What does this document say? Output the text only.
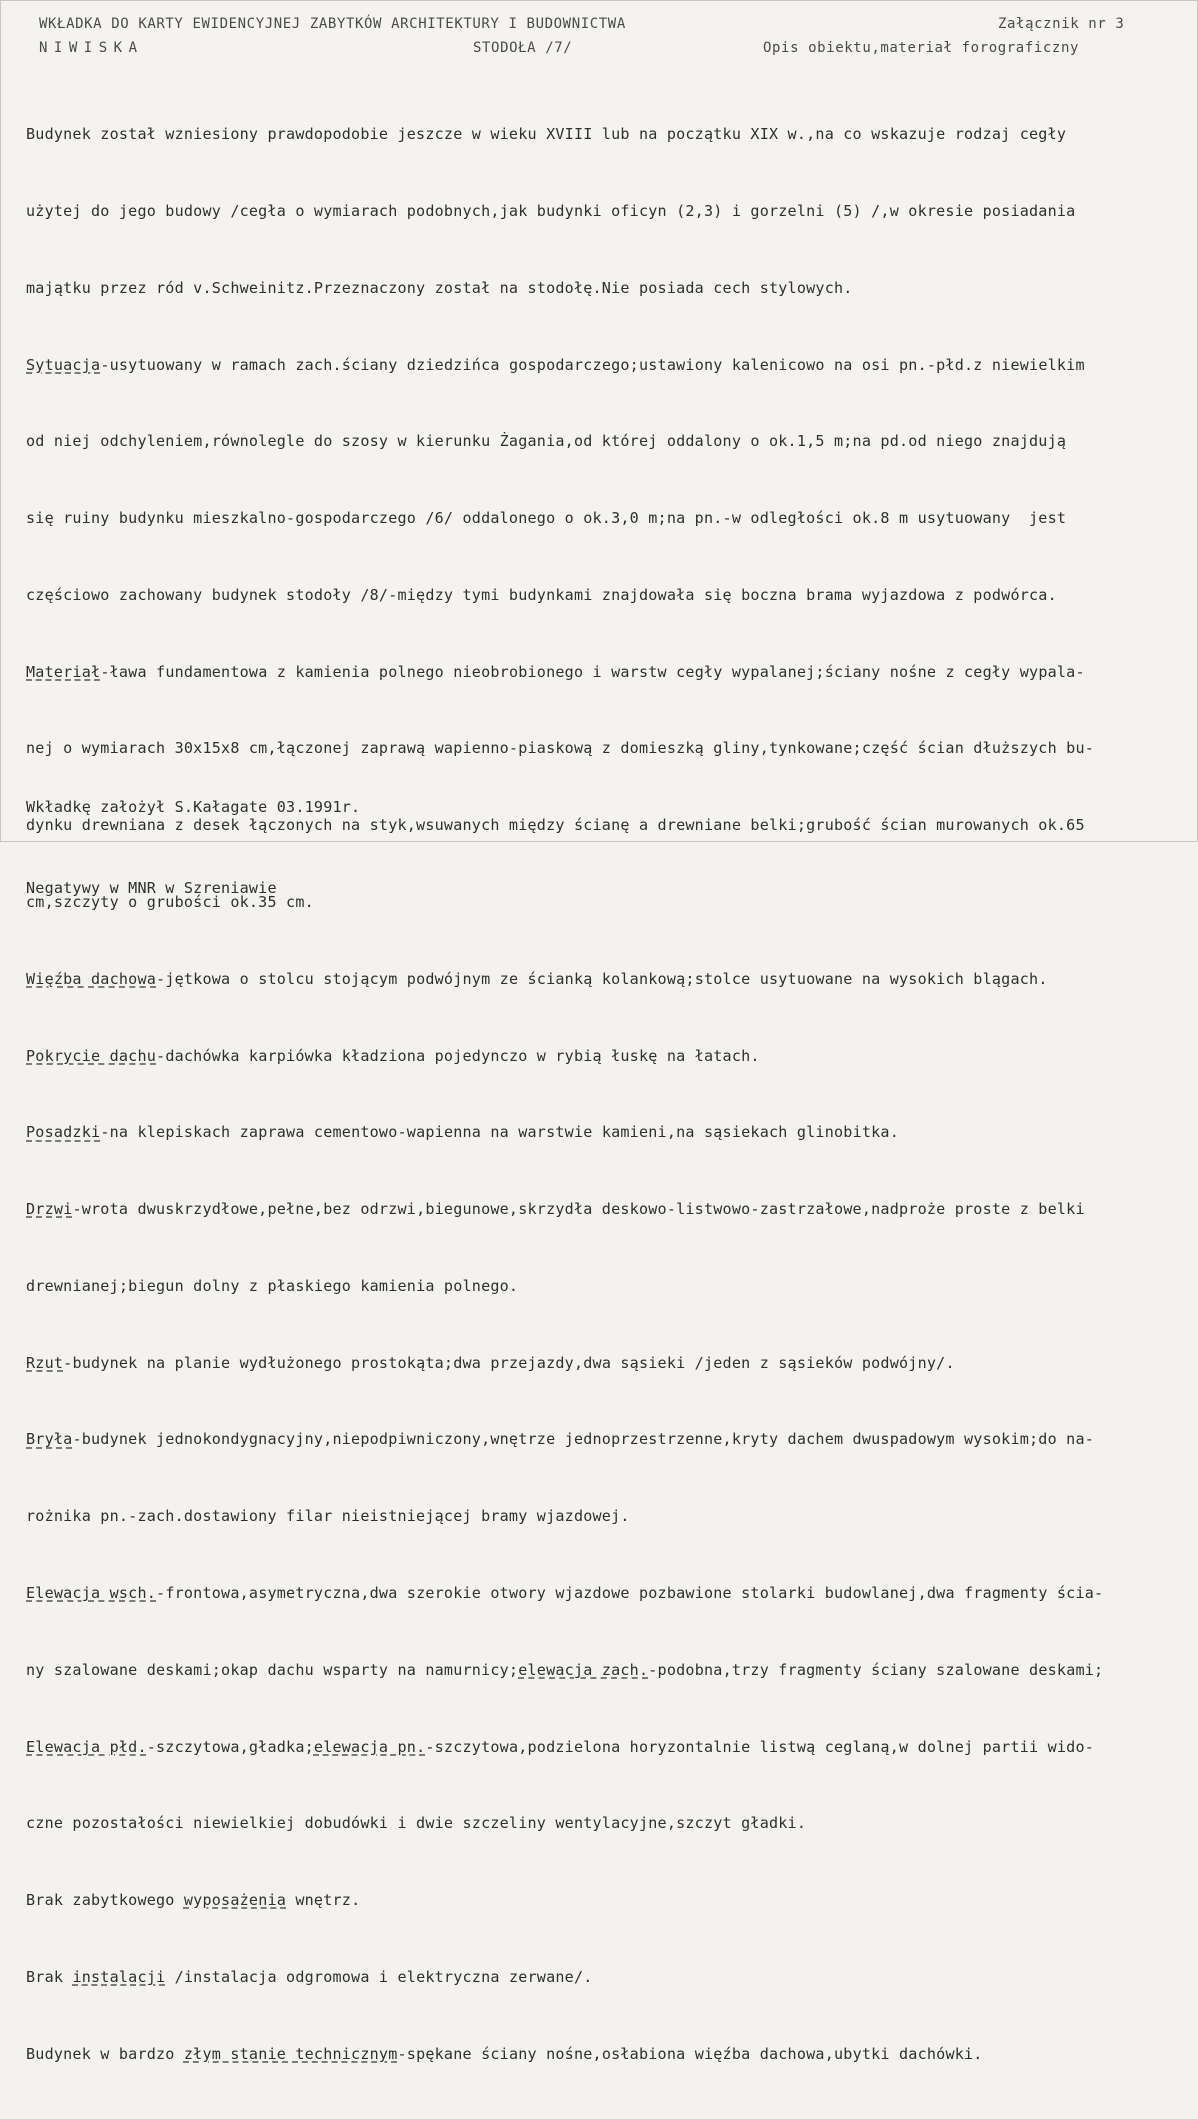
WKŁADKA DO KARTY EWIDENCYJNEJ ZABYTKÓW ARCHITEKTURY I BUDOWNICTWA	Załącznik nr 3
NIWISKA	STODOŁA /7/	Opis obiektu,materiał forograficzny

Budynek został wzniesiony prawdopodobie jeszcze w wieku XVIII lub na początku XIX w.,na co wskazuje rodzaj cegły

użytej do jego budowy /cegła o wymiarach podobnych,jak budynki oficyn (2,3) i gorzelni (5) /,w okresie posiadania

majątku przez ród v.Schweinitz.Przeznaczony został na stodołę.Nie posiada cech stylowych.

Sytuacja-usytuowany w ramach zach.ściany dziedzińca gospodarczego;ustawiony kalenicowo na osi pn.-płd.z niewielkim

od niej odchyleniem,równolegle do szosy w kierunku Żagania,od której oddalony o ok.1,5 m;na pd.od niego znajdują

się ruiny budynku mieszkalno-gospodarczego /6/ oddalonego o ok.3,0 m;na pn.-w odległości ok.8 m usytuowany  jest

częściowo zachowany budynek stodoły /8/-między tymi budynkami znajdowała się boczna brama wyjazdowa z podwórca.

Materiał-ława fundamentowa z kamienia polnego nieobrobionego i warstw cegły wypalanej;ściany nośne z cegły wypala-

nej o wymiarach 30x15x8 cm,łączonej zaprawą wapienno-piaskową z domieszką gliny,tynkowane;część ścian dłuższych bu-

dynku drewniana z desek łączonych na styk,wsuwanych między ścianę a drewniane belki;grubość ścian murowanych ok.65

cm,szczyty o grubości ok.35 cm.

Więźba dachowa-jętkowa o stolcu stojącym podwójnym ze ścianką kolankową;stolce usytuowane na wysokich blągach.

Pokrycie dachu-dachówka karpiówka kładziona pojedynczo w rybią łuskę na łatach.

Posadzki-na klepiskach zaprawa cementowo-wapienna na warstwie kamieni,na sąsiekach glinobitka.

Drzwi-wrota dwuskrzydłowe,pełne,bez odrzwi,biegunowe,skrzydła deskowo-listwowo-zastrzałowe,nadproże proste z belki

drewnianej;biegun dolny z płaskiego kamienia polnego.

Rzut-budynek na planie wydłużonego prostokąta;dwa przejazdy,dwa sąsieki /jeden z sąsieków podwójny/.

Bryła-budynek jednokondygnacyjny,niepodpiwniczony,wnętrze jednoprzestrzenne,kryty dachem dwuspadowym wysokim;do na-

rożnika pn.-zach.dostawiony filar nieistniejącej bramy wjazdowej.

Elewacja wsch.-frontowa,asymetryczna,dwa szerokie otwory wjazdowe pozbawione stolarki budowlanej,dwa fragmenty ścia-

ny szalowane deskami;okap dachu wsparty na namurnicy;elewacja zach.-podobna,trzy fragmenty ściany szalowane deskami;

Elewacja płd.-szczytowa,gładka;elewacja pn.-szczytowa,podzielona horyzontalnie listwą ceglaną,w dolnej partii wido-

czne pozostałości niewielkiej dobudówki i dwie szczeliny wentylacyjne,szczyt gładki.

Brak zabytkowego wyposażenia wnętrz.

Brak instalacji /instalacja odgromowa i elektryczna zerwane/.

Budynek w bardzo złym stanie technicznym-spękane ściany nośne,osłabiona więźba dachowa,ubytki dachówki.

Wkładkę założył S.Kałagate 03.1991r.

Negatywy w MNR w Szreniawie
